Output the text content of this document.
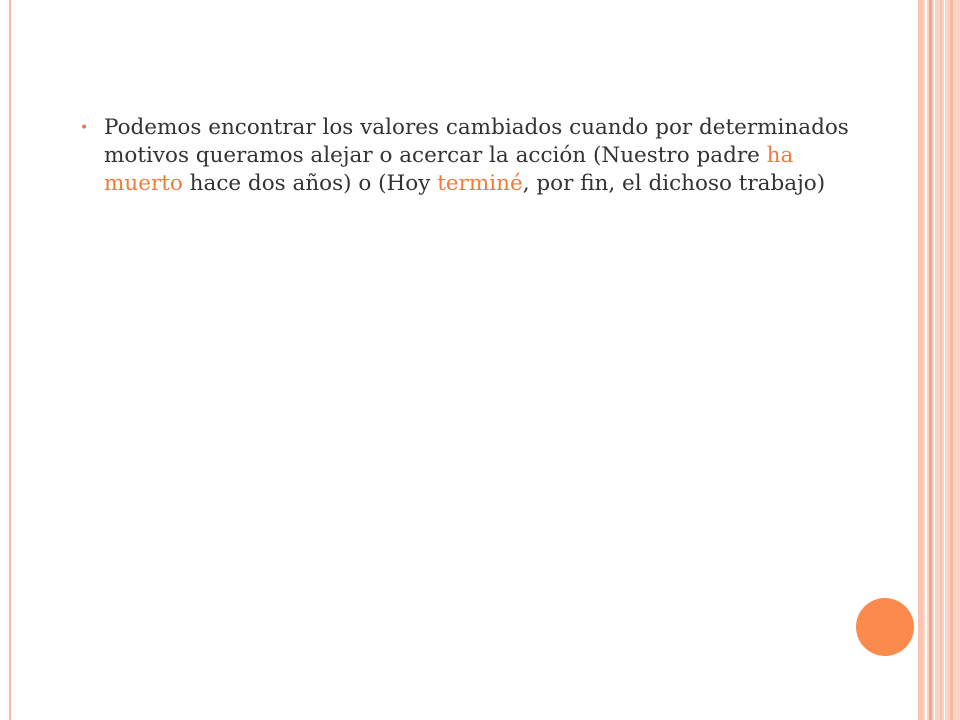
• Podemos encontrar los valores cambiados cuando por determinados motivos queramos alejar o acercar la acción (Nuestro padre ha muerto hace dos años) o (Hoy terminé, por fin, el dichoso trabajo)
